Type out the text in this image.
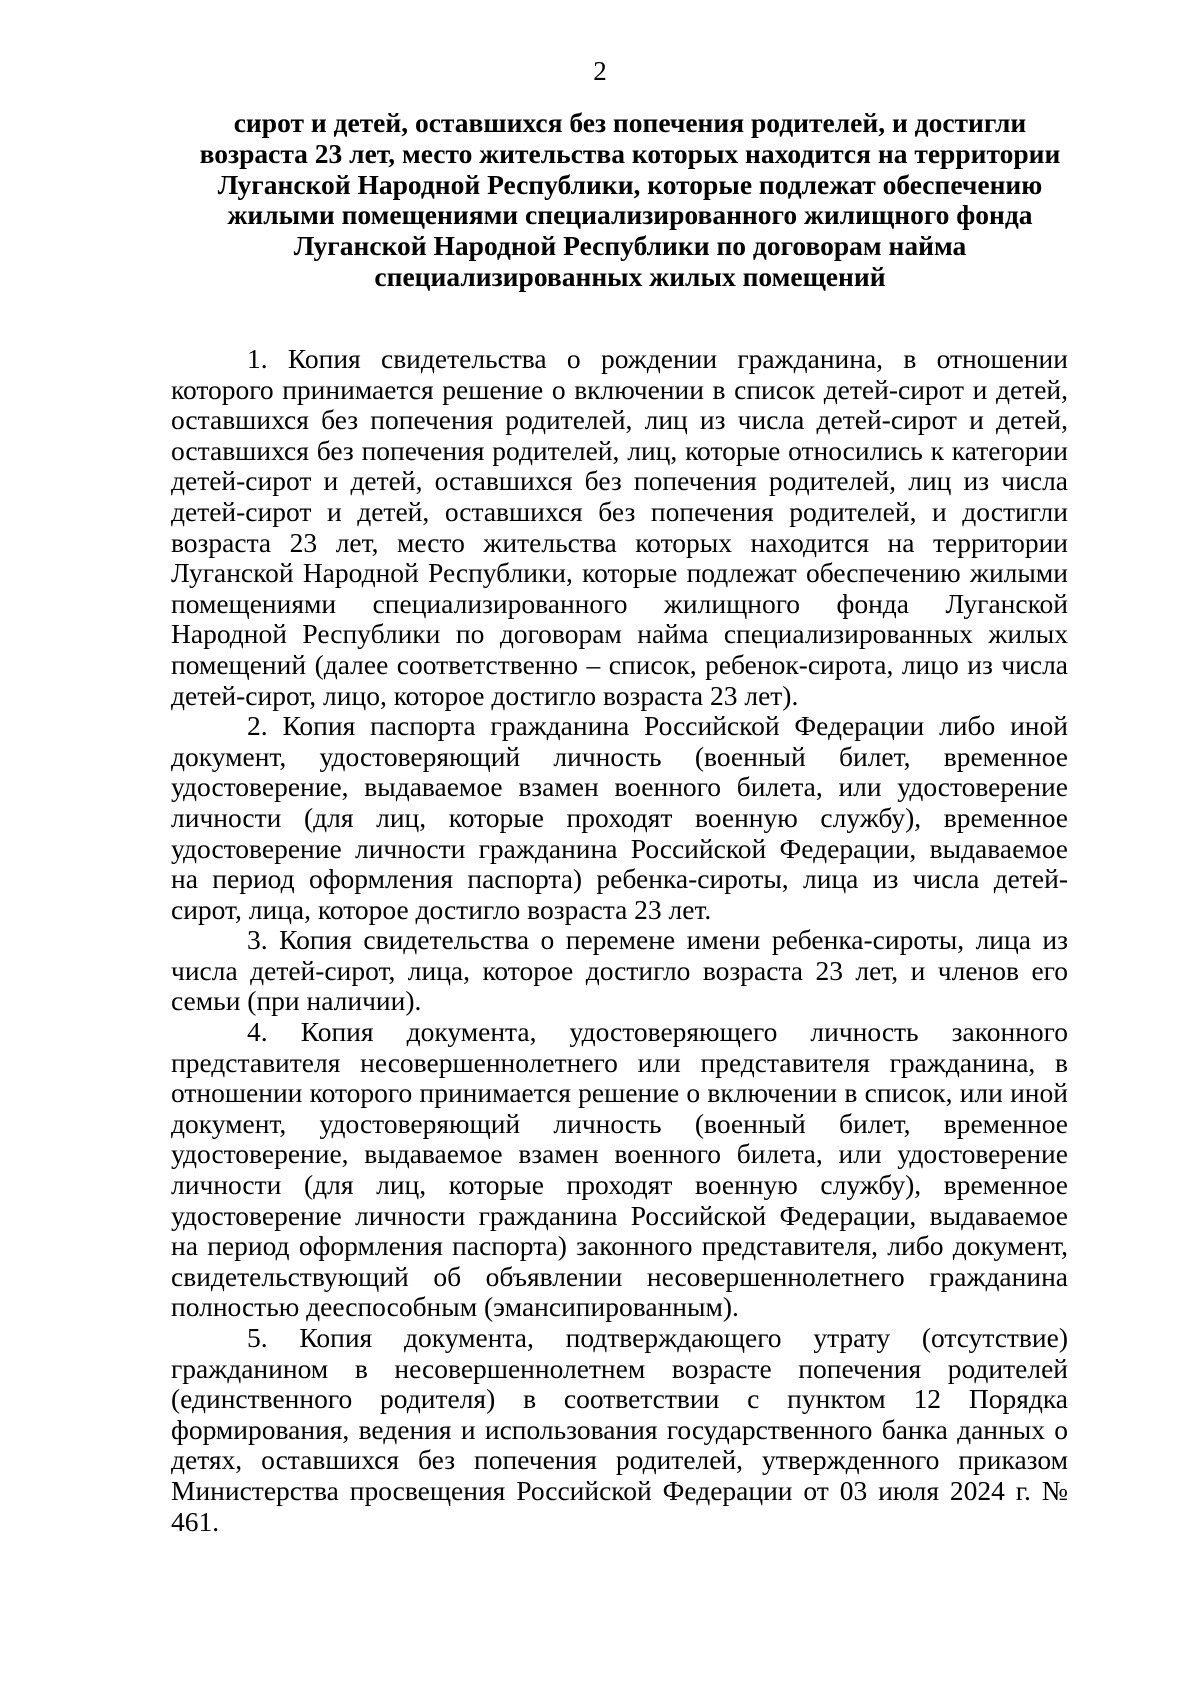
2
сирот и детей, оставшихся без попечения родителей, и достигли
возраста 23 лет, место жительства которых находится на территории
Луганской Народной Республики, которые подлежат обеспечению
жилыми помещениями специализированного жилищного фонда
Луганской Народной Республики по договорам найма
специализированных жилых помещений

1. Копия свидетельства о рождении гражданина, в отношении которого принимается решение о включении в список детей-сирот и детей, оставшихся без попечения родителей, лиц из числа детей-сирот и детей, оставшихся без попечения родителей, лиц, которые относились к категории детей-сирот и детей, оставшихся без попечения родителей, лиц из числа детей-сирот и детей, оставшихся без попечения родителей, и достигли возраста 23 лет, место жительства которых находится на территории Луганской Народной Республики, которые подлежат обеспечению жилыми помещениями специализированного жилищного фонда Луганской Народной Республики по договорам найма специализированных жилых помещений (далее соответственно – список, ребенок-сирота, лицо из числа детей-сирот, лицо, которое достигло возраста 23 лет).

2. Копия паспорта гражданина Российской Федерации либо иной документ, удостоверяющий личность (военный билет, временное удостоверение, выдаваемое взамен военного билета, или удостоверение личности (для лиц, которые проходят военную службу), временное удостоверение личности гражданина Российской Федерации, выдаваемое на период оформления паспорта) ребенка-сироты, лица из числа детей-сирот, лица, которое достигло возраста 23 лет.

3. Копия свидетельства о перемене имени ребенка-сироты, лица из числа детей-сирот, лица, которое достигло возраста 23 лет, и членов его семьи (при наличии).

4. Копия документа, удостоверяющего личность законного представителя несовершеннолетнего или представителя гражданина, в отношении которого принимается решение о включении в список, или иной документ, удостоверяющий личность (военный билет, временное удостоверение, выдаваемое взамен военного билета, или удостоверение личности (для лиц, которые проходят военную службу), временное удостоверение личности гражданина Российской Федерации, выдаваемое на период оформления паспорта) законного представителя, либо документ, свидетельствующий об объявлении несовершеннолетнего гражданина полностью дееспособным (эмансипированным).

5. Копия документа, подтверждающего утрату (отсутствие) гражданином в несовершеннолетнем возрасте попечения родителей (единственного родителя) в соответствии с пунктом 12 Порядка формирования, ведения и использования государственного банка данных о детях, оставшихся без попечения родителей, утвержденного приказом Министерства просвещения Российской Федерации от 03 июля 2024 г. № 461.
